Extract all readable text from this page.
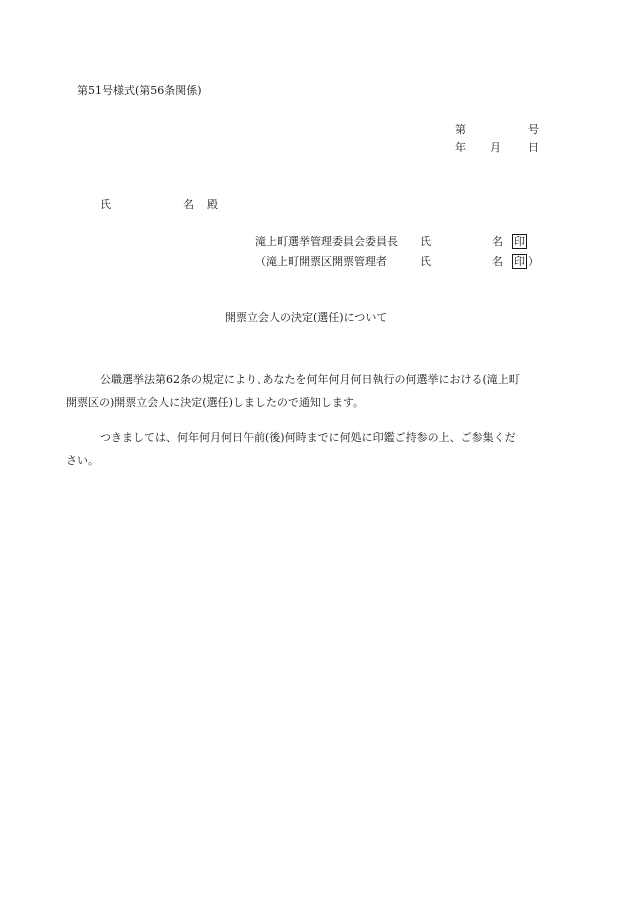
第51号様式(第56条関係)
第	号
年 月 日
氏	名 殿
滝上町選挙管理委員会委員長 氏	名 印
（滝上町開票区開票管理者	氏	名 印 ）
開票立会人の決定(選任)について
公職選挙法第62条の規定により､あなたを何年何月何日執行の何選挙における(滝上町
開票区の)開票立会人に決定(選任)しましたので通知します。
つきましては、何年何月何日午前(後)何時までに何処に印鑑ご持参の上、ご参集くだ
さい。
